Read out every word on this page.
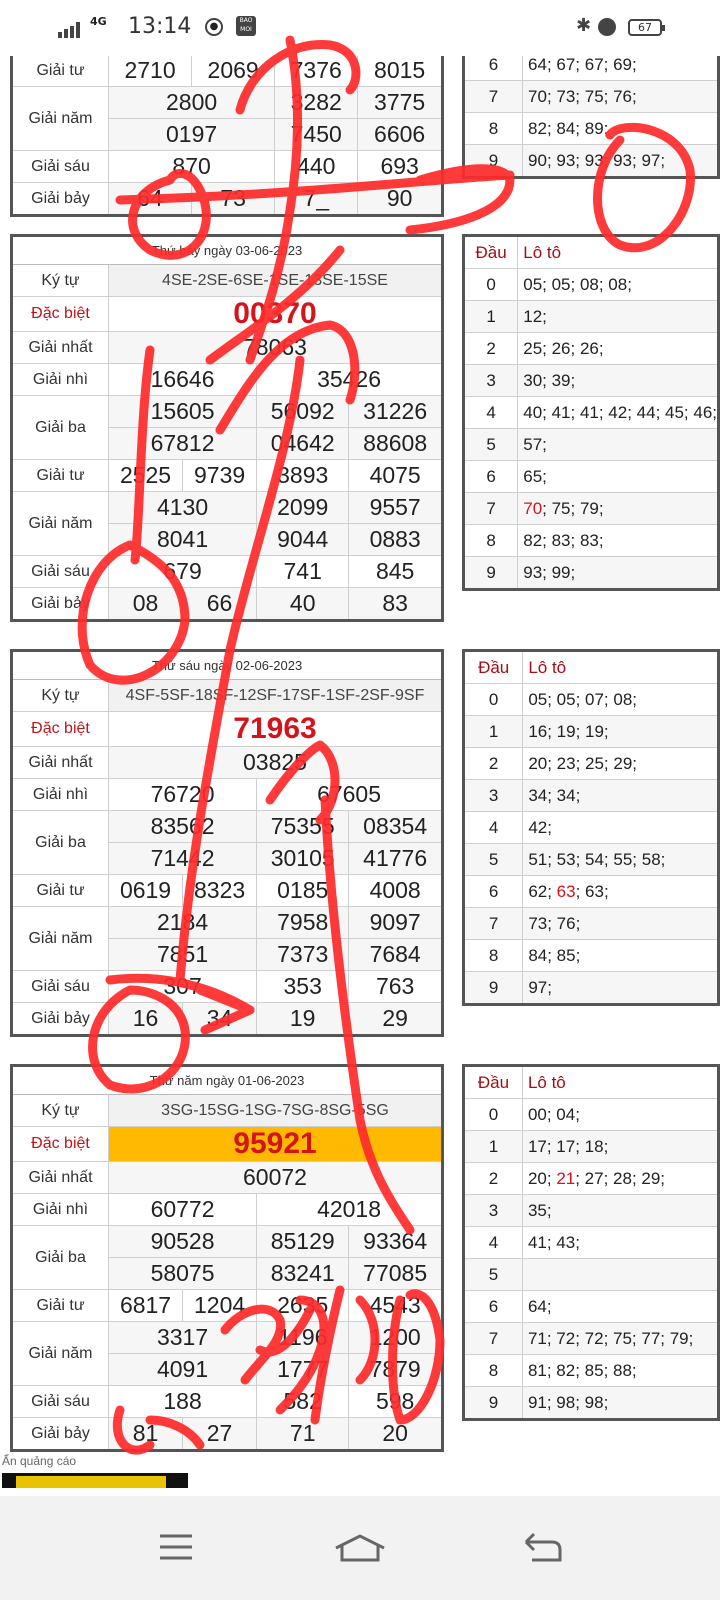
4G 13:14	●
BAO MOI	✱	67
Giải tư	2710	2069	7376	8015
Giải năm	2800		3282	3775
	0197		7450	6606
Giải sáu	870		440	693
Giải bảy	64	73	7_	90
6	64; 67; 67; 69;
7	70; 73; 75; 76;
8	82; 84; 89;
9	90; 93; 93; 93; 97;
Thứ bảy ngày 03-06-2023				
Ký tự	4SE-2SE-6SE-1SE-13SE-15SE			
Đặc biệt	00370			
Giải nhất	78063			
Giải nhì	16646		35426	
Giải ba	15605		56092	31226
	67812		04642	88608
Giải tư	2525	9739	3893	4075
Giải năm	4130		2099	9557
	8041		9044	0883
Giải sáu	679		741	845
Giải bảy	08	66	40	83
Thứ sáu ngày 02-06-2023				
Ký tự	4SF-5SF-18SF-12SF-17SF-1SF-2SF-9SF			
Đặc biệt	71963			
Giải nhất	03825			
Giải nhì	76720		67605	
Giải ba	83562		75355	08354
	71442		30105	41776
Giải tư	0619	8323	0185	4008
Giải năm	2184		7958	9097
	7851		7373	7684
Giải sáu	307		353	763
Giải bảy	16	34	19	29
Thứ năm ngày 01-06-2023				
Ký tự	3SG-15SG-1SG-7SG-8SG-5SG			
Đặc biệt	95921			
Giải nhất	60072			
Giải nhì	60772		42018	
Giải ba	90528		85129	93364
	58075		83241	77085
Giải tư	6817	1204	2635	4543
Giải năm	3317		1196	1200
	4091		1777	7879
Giải sáu	188		582	598
Giải bảy	81	27	71	20
Đầu	Lô tô
0	05; 05; 08; 08;
1	12;
2	25; 26; 26;
3	30; 39;
4	40; 41; 41; 42; 44; 45; 46;
5	57;
6	65;
7	70; 75; 79;
8	82; 83; 83;
9	93; 99;
Đầu	Lô tô
0	05; 05; 07; 08;
1	16; 19; 19;
2	20; 23; 25; 29;
3	34; 34;
4	42;
5	51; 53; 54; 55; 58;
6	62; 63; 63;
7	73; 76;
8	84; 85;
9	97;
Đầu	Lô tô
0	00; 04;
1	17; 17; 18;
2	20; 21; 27; 28; 29;
3	35;
4	41; 43;
5	
6	64;
7	71; 72; 72; 75; 77; 79;
8	81; 82; 85; 88;
9	91; 98; 98;
Ẩn quảng cáo
